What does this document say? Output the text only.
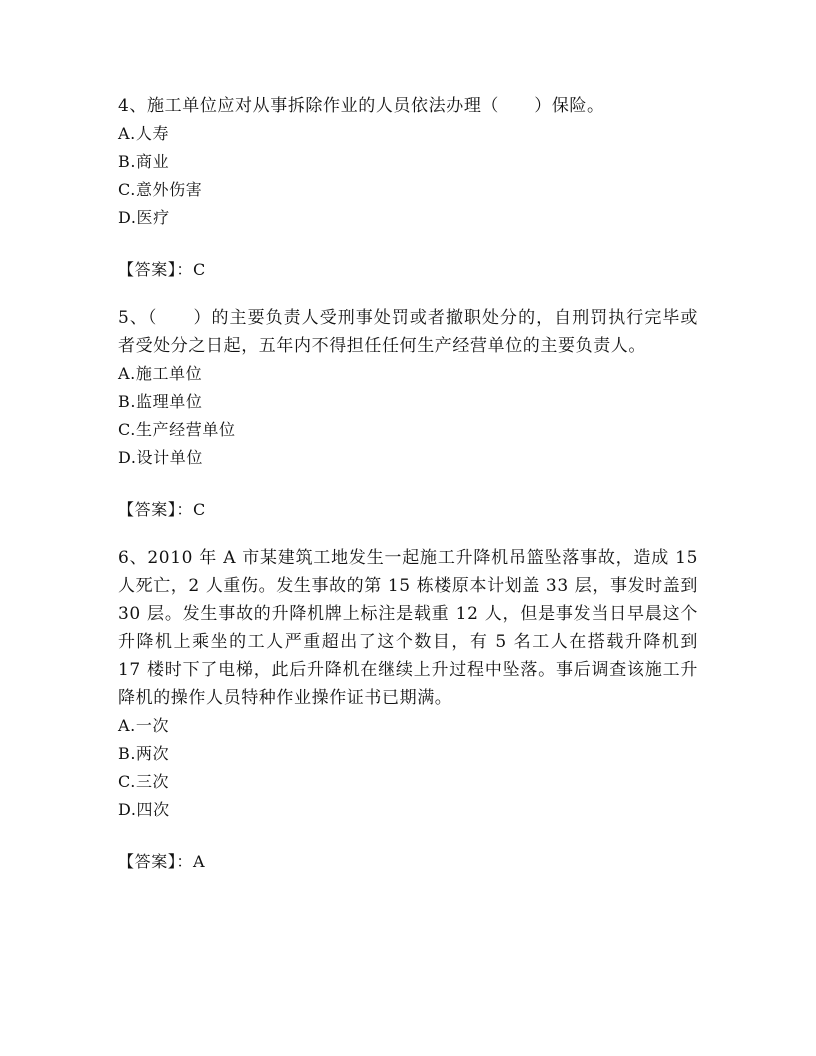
4、施工单位应对从事拆除作业的人员依法办理（　　）保险。

A.人寿
B.商业
C.意外伤害
D.医疗

【答案】：C

5、（　　）的主要负责人受刑事处罚或者撤职处分的，自刑罚执行完毕或者受处分之日起，五年内不得担任任何生产经营单位的主要负责人。

A.施工单位
B.监理单位
C.生产经营单位
D.设计单位

【答案】：C

6、2010 年 A 市某建筑工地发生一起施工升降机吊篮坠落事故，造成 15 人死亡，2 人重伤。发生事故的第 15 栋楼原本计划盖 33 层，事发时盖到 30 层。发生事故的升降机牌上标注是载重 12 人，但是事发当日早晨这个升降机上乘坐的工人严重超出了这个数目，有 5 名工人在搭载升降机到 17 楼时下了电梯，此后升降机在继续上升过程中坠落。事后调查该施工升降机的操作人员特种作业操作证书已期满。

A.一次
B.两次
C.三次
D.四次

【答案】：A
